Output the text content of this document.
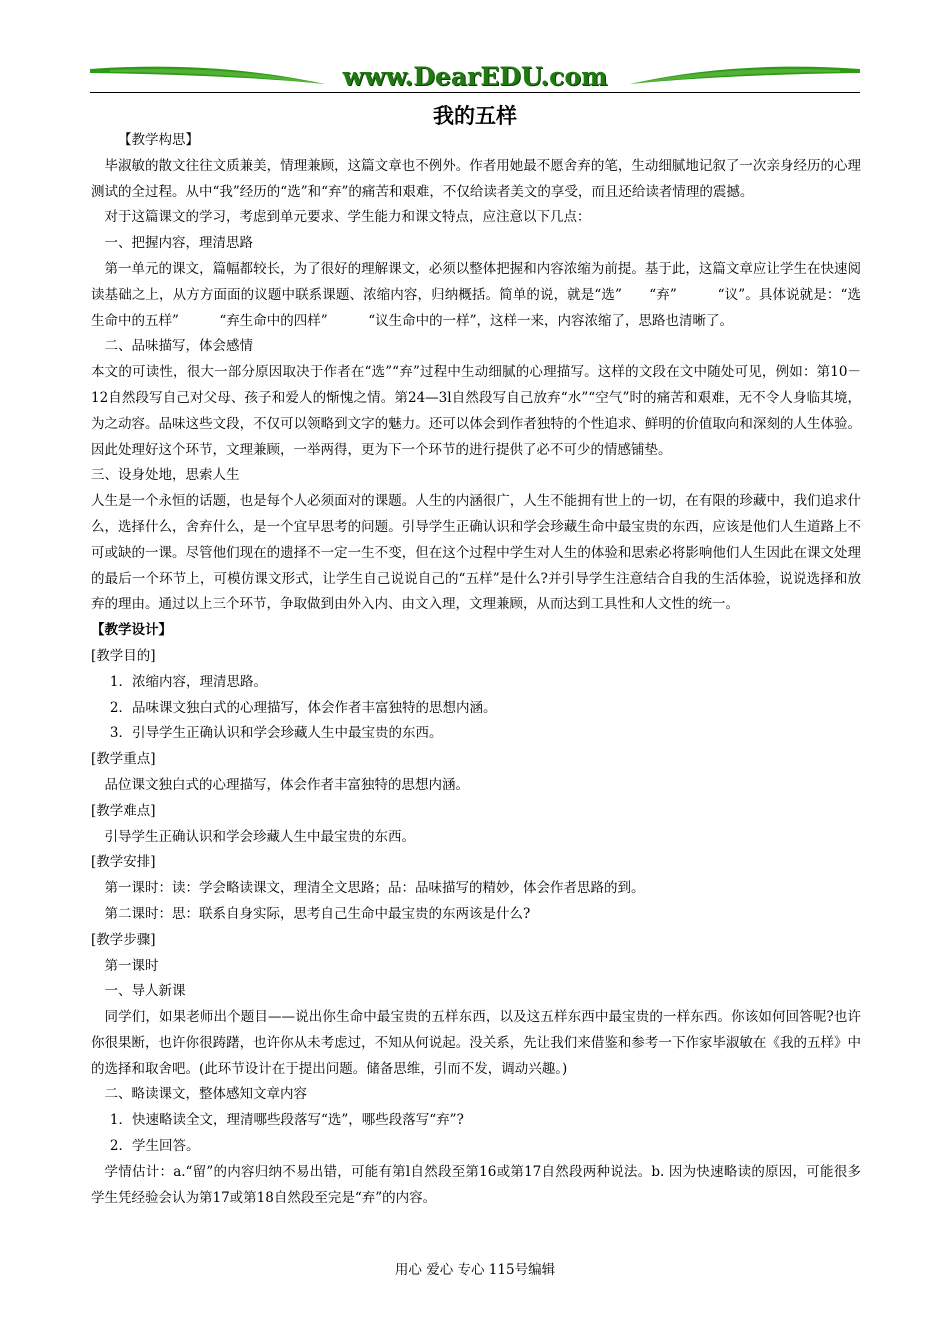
www.DearEDU.com
我的五样

【教学构思】

毕淑敏的散文往往文质兼美，情理兼顾，这篇文章也不例外。作者用她最不愿舍弃的笔，生动细腻地记叙了一次亲身经历的心理测试的全过程。从中“我”经历的“选”和“弃”的痛苦和艰难，不仅给读者美文的享受，而且还给读者情理的震撼。

对于这篇课文的学习，考虑到单元要求、学生能力和课文特点，应注意以下几点：

一、把握内容，理清思路

第一单元的课文，篇幅都较长，为了很好的理解课文，必须以整体把握和内容浓缩为前提。基于此，这篇文章应让学生在快速阅读基础之上，从方方面面的议题中联系课题、浓缩内容，归纳概括。简单的说，就是“选”　　“弃”　　　“议”。具体说就是：“选生命中的五样”　　　“弃生命中的四样”　　　“议生命中的一样”，这样一来，内容浓缩了，思路也清晰了。

二、品味描写，体会感情

本文的可读性，很大一部分原因取决于作者在“选”“弃”过程中生动细腻的心理描写。这样的文段在文中随处可见，例如：第10－12自然段写自己对父母、孩子和爱人的惭愧之情。第24—3l自然段写自己放弃“水”“空气”时的痛苦和艰难，无不令人身临其境，为之动容。品味这些文段，不仅可以领略到文字的魅力。还可以体会到作者独特的个性追求、鲜明的价值取向和深刻的人生体验。因此处理好这个环节，文理兼顾，一举两得，更为下一个环节的进行提供了必不可少的情感铺垫。

三、设身处地，思索人生

人生是一个永恒的话题，也是每个人必须面对的课题。人生的内涵很广，人生不能拥有世上的一切，在有限的珍藏中，我们追求什么，选择什么，舍弃什么，是一个宜早思考的问题。引导学生正确认识和学会珍藏生命中最宝贵的东西，应该是他们人生道路上不可或缺的一课。尽管他们现在的遗择不一定一生不变，但在这个过程中学生对人生的体验和思索必将影响他们人生因此在课文处理的最后一个环节上，可模仿课文形式，让学生自己说说自己的“五样”是什么?并引导学生注意结合自我的生活体验，说说选择和放弃的理由。通过以上三个环节，争取做到由外入内、由文入理，文理兼顾，从而达到工具性和人文性的统一。

【教学设计】

[教学目的]

1．浓缩内容，理清思路。

2．品味课文独白式的心理描写，体会作者丰富独特的思想内涵。

3．引导学生正确认识和学会珍藏人生中最宝贵的东西。

[教学重点]

品位课文独白式的心理描写，体会作者丰富独特的思想内涵。

[教学难点]

引导学生正确认识和学会珍藏人生中最宝贵的东西。

[教学安排]

第一课时：读：学会略读课文，理清全文思路；品：品味描写的精妙，体会作者思路的到。

第二课时：思：联系自身实际，思考自己生命中最宝贵的东两该是什么?

[教学步骤]

第一课时

一、导人新课

同学们，如果老师出个题目——说出你生命中最宝贵的五样东西，以及这五样东西中最宝贵的一样东西。你该如何回答呢?也许你很果断，也许你很踌躇，也许你从未考虑过，不知从何说起。没关系，先让我们来借鉴和参考一下作家毕淑敏在《我的五样》中的选择和取舍吧。(此环节设计在于提出问题。储备思维，引而不发，调动兴趣。)

二、略读课文，整体感知文章内容

1．快速略读全文，理清哪些段落写“选”，哪些段落写“弃”?

2．学生回答。

学情估计：a.“留”的内容归纳不易出错，可能有第l自然段至第16或第17自然段两种说法。b. 因为快速略读的原因，可能很多学生凭经验会认为第17或第18自然段至完是“弃”的内容。

用心 爱心 专心 115号编辑
